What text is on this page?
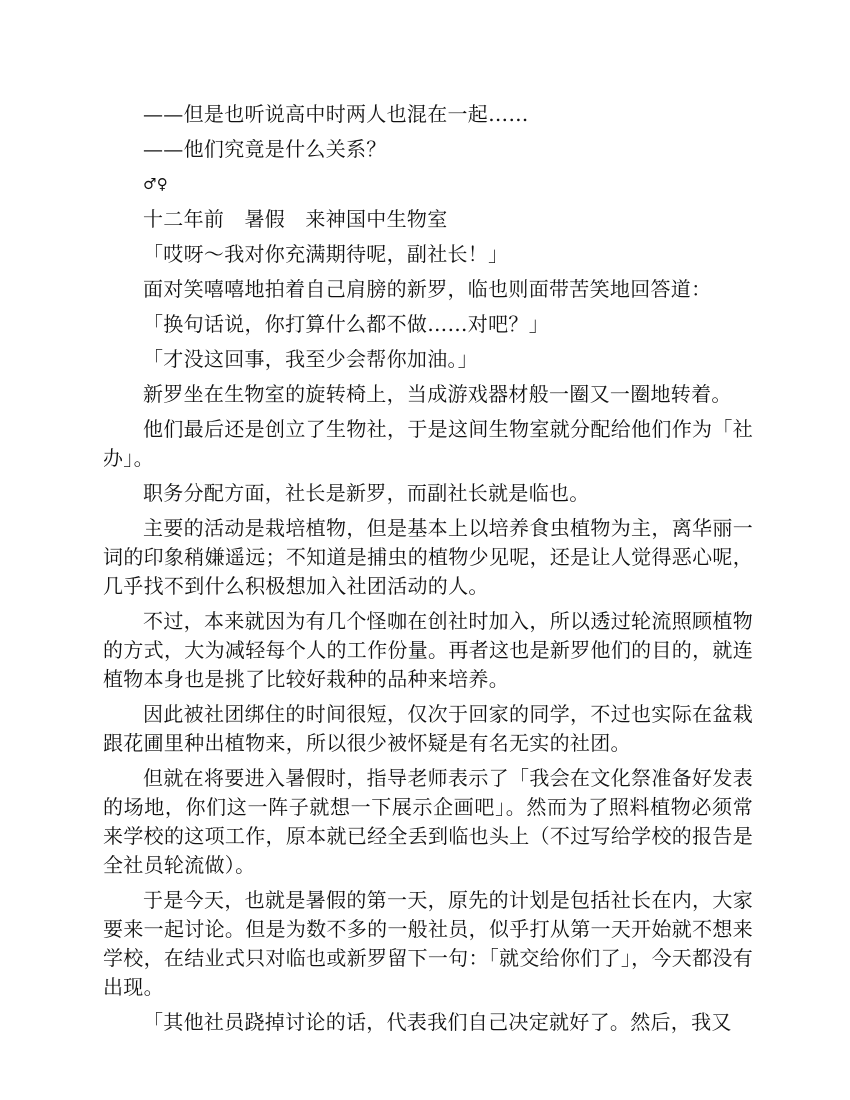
——但是也听说高中时两人也混在一起……

——他们究竟是什么关系？

♂♀

十二年前　暑假　来神国中生物室

「哎呀～我对你充满期待呢，副社长！」

面对笑嘻嘻地拍着自己肩膀的新罗，临也则面带苦笑地回答道：

「换句话说，你打算什么都不做……对吧？」

「才没这回事，我至少会帮你加油。」

新罗坐在生物室的旋转椅上，当成游戏器材般一圈又一圈地转着。

他们最后还是创立了生物社，于是这间生物室就分配给他们作为「社办」。

职务分配方面，社长是新罗，而副社长就是临也。

主要的活动是栽培植物，但是基本上以培养食虫植物为主，离华丽一词的印象稍嫌遥远；不知道是捕虫的植物少见呢，还是让人觉得恶心呢，几乎找不到什么积极想加入社团活动的人。

不过，本来就因为有几个怪咖在创社时加入，所以透过轮流照顾植物的方式，大为减轻每个人的工作份量。再者这也是新罗他们的目的，就连植物本身也是挑了比较好栽种的品种来培养。

因此被社团绑住的时间很短，仅次于回家的同学，不过也实际在盆栽跟花圃里种出植物来，所以很少被怀疑是有名无实的社团。

但就在将要进入暑假时，指导老师表示了「我会在文化祭准备好发表的场地，你们这一阵子就想一下展示企画吧」。然而为了照料植物必须常来学校的这项工作，原本就已经全丢到临也头上（不过写给学校的报告是全社员轮流做）。

于是今天，也就是暑假的第一天，原先的计划是包括社长在内，大家要来一起讨论。但是为数不多的一般社员，似乎打从第一天开始就不想来学校，在结业式只对临也或新罗留下一句：「就交给你们了」，今天都没有出现。

「其他社员跷掉讨论的话，代表我们自己决定就好了。然后，我又
